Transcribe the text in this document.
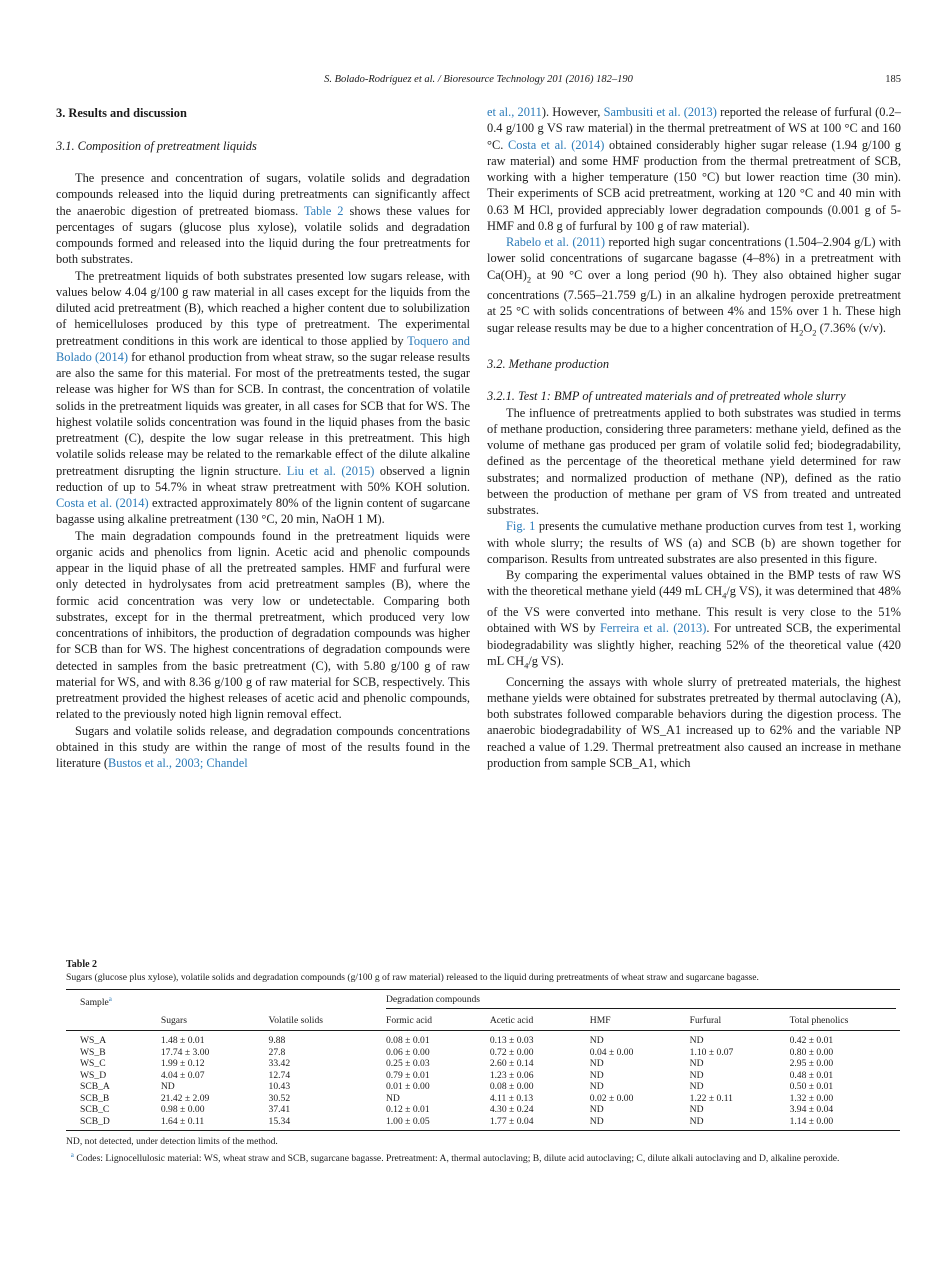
S. Bolado-Rodríguez et al. / Bioresource Technology 201 (2016) 182–190	185
3. Results and discussion
3.1. Composition of pretreatment liquids

The presence and concentration of sugars, volatile solids and degradation compounds released into the liquid during pretreatments can significantly affect the anaerobic digestion of pretreated biomass. Table 2 shows these values for percentages of sugars (glucose plus xylose), volatile solids and degradation compounds formed and released into the liquid during the four pretreatments for both substrates.

The pretreatment liquids of both substrates presented low sugars release, with values below 4.04 g/100 g raw material in all cases except for the liquids from the diluted acid pretreatment (B), which reached a higher content due to solubilization of hemicelluloses produced by this type of pretreatment. The experimental pretreatment conditions in this work are identical to those applied by Toquero and Bolado (2014) for ethanol production from wheat straw, so the sugar release results are also the same for this material. For most of the pretreatments tested, the sugar release was higher for WS than for SCB. In contrast, the concentration of volatile solids in the pretreatment liquids was greater, in all cases for SCB that for WS. The highest volatile solids concentration was found in the liquid phases from the basic pretreatment (C), despite the low sugar release in this pretreatment. This high volatile solids release may be related to the remarkable effect of the dilute alkaline pretreatment disrupting the lignin structure. Liu et al. (2015) observed a lignin reduction of up to 54.7% in wheat straw pretreatment with 50% KOH solution. Costa et al. (2014) extracted approximately 80% of the lignin content of sugarcane bagasse using alkaline pretreatment (130 °C, 20 min, NaOH 1 M).

The main degradation compounds found in the pretreatment liquids were organic acids and phenolics from lignin. Acetic acid and phenolic compounds appear in the liquid phase of all the pretreated samples. HMF and furfural were only detected in hydrolysates from acid pretreatment samples (B), where the formic acid concentration was very low or undetectable. Comparing both substrates, except for in the thermal pretreatment, which produced very low concentrations of inhibitors, the production of degradation compounds was higher for SCB than for WS. The highest concentrations of degradation compounds were detected in samples from the basic pretreatment (C), with 5.80 g/100 g of raw material for WS, and with 8.36 g/100 g of raw material for SCB, respectively. This pretreatment provided the highest releases of acetic acid and phenolic compounds, related to the previously noted high lignin removal effect.

Sugars and volatile solids release, and degradation compounds concentrations obtained in this study are within the range of most of the results found in the literature (Bustos et al., 2003; Chandel

et al., 2011). However, Sambusiti et al. (2013) reported the release of furfural (0.2–0.4 g/100 g VS raw material) in the thermal pretreatment of WS at 100 °C and 160 °C. Costa et al. (2014) obtained considerably higher sugar release (1.94 g/100 g raw material) and some HMF production from the thermal pretreatment of SCB, working with a higher temperature (150 °C) but lower reaction time (30 min). Their experiments of SCB acid pretreatment, working at 120 °C and 40 min with 0.63 M HCl, provided appreciably lower degradation compounds (0.001 g of 5-HMF and 0.8 g of furfural by 100 g of raw material).

Rabelo et al. (2011) reported high sugar concentrations (1.504–2.904 g/L) with lower solid concentrations of sugarcane bagasse (4–8%) in a pretreatment with $Ca(OH)_2$ at 90 °C over a long period (90 h). They also obtained higher sugar concentrations (7.565–21.759 g/L) in an alkaline hydrogen peroxide pretreatment at 25 °C with solids concentrations of between 4% and 15% over 1 h. These high sugar release results may be due to a higher concentration of $H_2O_2$ (7.36% (v/v).

3.2. Methane production
3.2.1. Test 1: BMP of untreated materials and of pretreated whole slurry

The influence of pretreatments applied to both substrates was studied in terms of methane production, considering three parameters: methane yield, defined as the volume of methane gas produced per gram of volatile solid fed; biodegradability, defined as the percentage of the theoretical methane yield determined for raw substrates; and normalized production of methane (NP), defined as the ratio between the production of methane per gram of VS from treated and untreated substrates.

Fig. 1 presents the cumulative methane production curves from test 1, working with whole slurry; the results of WS (a) and SCB (b) are shown together for comparison. Results from untreated substrates are also presented in this figure.

By comparing the experimental values obtained in the BMP tests of raw WS with the theoretical methane yield (449 mL $CH_4/g$ VS), it was determined that 48% of the VS were converted into methane. This result is very close to the 51% obtained with WS by Ferreira et al. (2013). For untreated SCB, the experimental biodegradability was slightly higher, reaching 52% of the theoretical value (420 mL $CH_4/g$ VS).

Concerning the assays with whole slurry of pretreated materials, the highest methane yields were obtained for substrates pretreated by thermal autoclaving (A), both substrates followed comparable behaviors during the digestion process. The anaerobic biodegradability of WS_A1 increased up to 62% and the variable NP reached a value of 1.29. Thermal pretreatment also caused an increase in methane production from sample SCB_A1, which

Table 2
Sugars (glucose plus xylose), volatile solids and degradation compounds (g/100 g of raw material) released to the liquid during pretreatments of wheat straw and sugarcane bagasse.
Sample$^a$			Degradation compounds				

	Sugars	Volatile solids	Formic acid	Acetic acid	HMF	Furfural	Total phenolics
WS_A	1.48 ± 0.01	9.88	0.08 ± 0.01	0.13 ± 0.03	ND	ND	0.42 ± 0.01
WS_B	17.74 ± 3.00	27.8	0.06 ± 0.00	0.72 ± 0.00	0.04 ± 0.00	1.10 ± 0.07	0.80 ± 0.00
WS_C	1.99 ± 0.12	33.42	0.25 ± 0.03	2.60 ± 0.14	ND	ND	2.95 ± 0.00
WS_D	4.04 ± 0.07	12.74	0.79 ± 0.01	1.23 ± 0.06	ND	ND	0.48 ± 0.01
SCB_A	ND	10.43	0.01 ± 0.00	0.08 ± 0.00	ND	ND	0.50 ± 0.01
SCB_B	21.42 ± 2.09	30.52	ND	4.11 ± 0.13	0.02 ± 0.00	1.22 ± 0.11	1.32 ± 0.00
SCB_C	0.98 ± 0.00	37.41	0.12 ± 0.01	4.30 ± 0.24	ND	ND	3.94 ± 0.04
SCB_D	1.64 ± 0.11	15.34	1.00 ± 0.05	1.77 ± 0.04	ND	ND	1.14 ± 0.00
ND, not detected, under detection limits of the method.
$^a$ Codes: Lignocellulosic material: WS, wheat straw and SCB, sugarcane bagasse. Pretreatment: A, thermal autoclaving; B, dilute acid autoclaving; C, dilute alkali autoclaving and D, alkaline peroxide.
